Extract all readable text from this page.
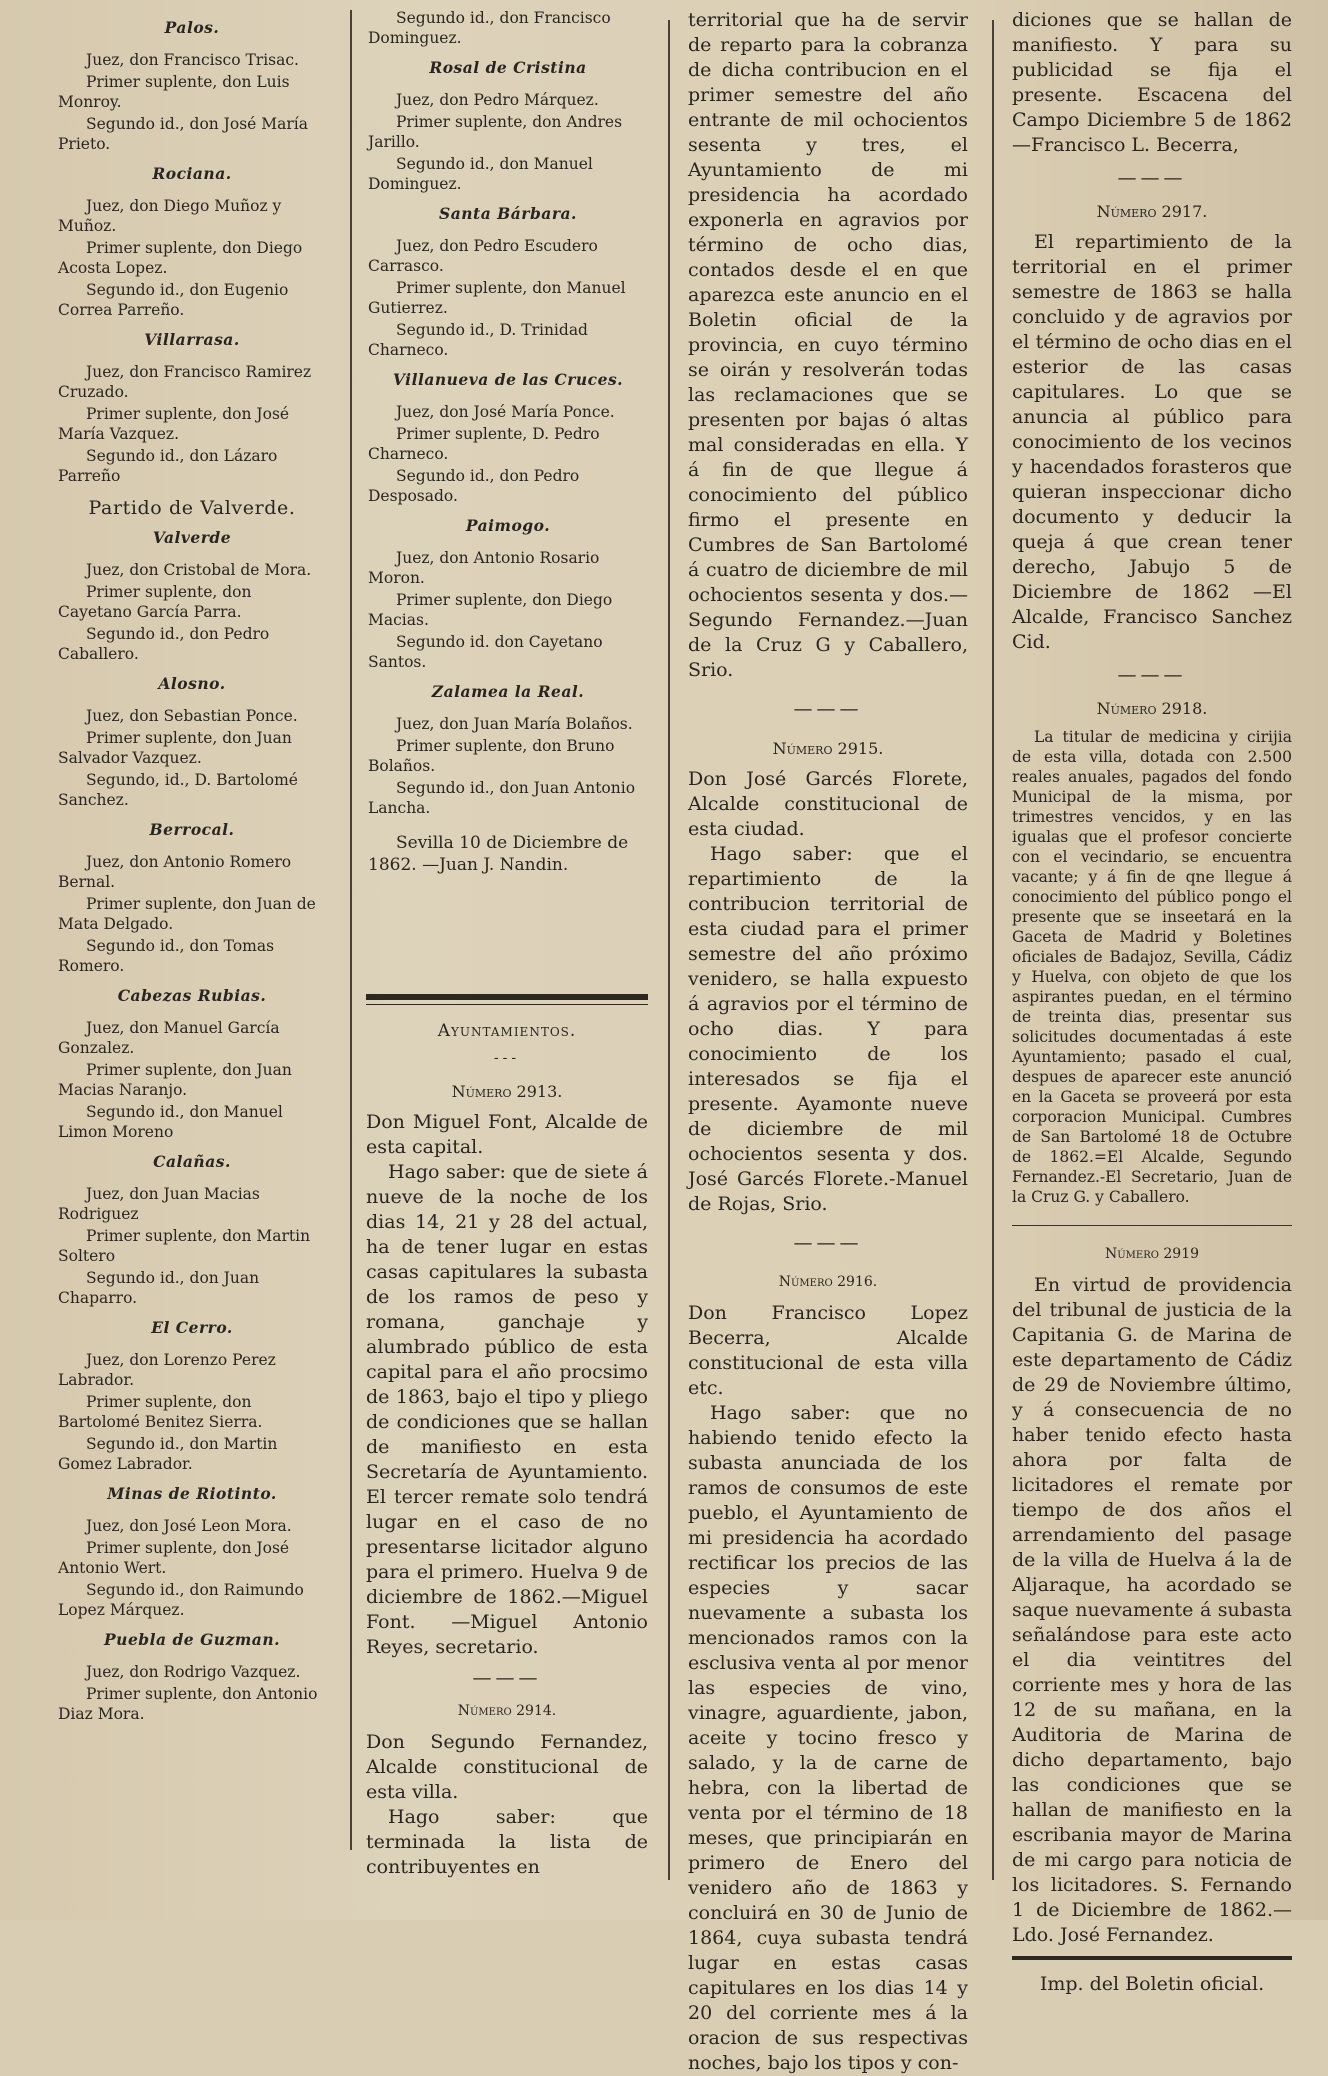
Palos.
Juez, don Francisco Trisac.
Primer suplente, don Luis Monroy.
Segundo id., don José María Prieto.
Rociana.
Juez, don Diego Muñoz y Muñoz.
Primer suplente, don Diego Acosta Lopez.
Segundo id., don Eugenio Correa Parreño.
Villarrasa.
Juez, don Francisco Ramirez Cruzado.
Primer suplente, don José María Vazquez.
Segundo id., don Lázaro Parreño
Partido de Valverde.
Valverde
Juez, don Cristobal de Mora.
Primer suplente, don Cayetano García Parra.
Segundo id., don Pedro Caballero.
Alosno.
Juez, don Sebastian Ponce.
Primer suplente, don Juan Salvador Vazquez.
Segundo, id., D. Bartolomé Sanchez.
Berrocal.
Juez, don Antonio Romero Bernal.
Primer suplente, don Juan de Mata Delgado.
Segundo id., don Tomas Romero.
Cabezas Rubias.
Juez, don Manuel García Gonzalez.
Primer suplente, don Juan Macias Naranjo.
Segundo id., don Manuel Limon Moreno
Calañas.
Juez, don Juan Macias Rodriguez
Primer suplente, don Martin Soltero
Segundo id., don Juan Chaparro.
El Cerro.
Juez, don Lorenzo Perez Labrador.
Primer suplente, don Bartolomé Benitez Sierra.
Segundo id., don Martin Gomez Labrador.
Minas de Riotinto.
Juez, don José Leon Mora.
Primer suplente, don José Antonio Wert.
Segundo id., don Raimundo Lopez Márquez.
Puebla de Guzman.
Juez, don Rodrigo Vazquez.
Primer suplente, don Antonio Diaz Mora.
Segundo id., don Francisco Dominguez.
Rosal de Cristina
Juez, don Pedro Márquez.
Primer suplente, don Andres Jarillo.
Segundo id., don Manuel Dominguez.
Santa Bárbara.
Juez, don Pedro Escudero Carrasco.
Primer suplente, don Manuel Gutierrez.
Segundo id., D. Trinidad Charneco.
Villanueva de las Cruces.
Juez, don José María Ponce.
Primer suplente, D. Pedro Charneco.
Segundo id., don Pedro Desposado.
Paimogo.
Juez, don Antonio Rosario Moron.
Primer suplente, don Diego Macias.
Segundo id. don Cayetano Santos.
Zalamea la Real.
Juez, don Juan María Bolaños.
Primer suplente, don Bruno Bolaños.
Segundo id., don Juan Antonio Lancha.
Sevilla 10 de Diciembre de 1862. —Juan J. Nandin.
Ayuntamientos.
---
Número 2913.

Don Miguel Font, Alcalde de esta capital.

Hago saber: que de siete á nueve de la noche de los dias 14, 21 y 28 del actual, ha de tener lugar en estas casas capitulares la subasta de los ramos de peso y romana, ganchaje y alumbrado público de esta capital para el año procsimo de 1863, bajo el tipo y pliego de condiciones que se hallan de manifiesto en esta Secretaría de Ayuntamiento. El tercer remate solo tendrá lugar en el caso de no presentarse licitador alguno para el primero. Huelva 9 de diciembre de 1862.—Miguel Font. —Miguel Antonio Reyes, secretario.

———
Número 2914.

Don Segundo Fernandez, Alcalde constitucional de esta villa.

Hago saber: que terminada la lista de contribuyentes en

territorial que ha de servir de reparto para la cobranza de dicha contribucion en el primer semestre del año entrante de mil ochocientos sesenta y tres, el Ayuntamiento de mi presidencia ha acordado exponerla en agravios por término de ocho dias, contados desde el en que aparezca este anuncio en el Boletin oficial de la provincia, en cuyo término se oirán y resolverán todas las reclamaciones que se presenten por bajas ó altas mal consideradas en ella. Y á fin de que llegue á conocimiento del público firmo el presente en Cumbres de San Bartolomé á cuatro de diciembre de mil ochocientos sesenta y dos.—Segundo Fernandez.—Juan de la Cruz G y Caballero, Srio.

———
Número 2915.

Don José Garcés Florete, Alcalde constitucional de esta ciudad.

Hago saber: que el repartimiento de la contribucion territorial de esta ciudad para el primer semestre del año próximo venidero, se halla expuesto á agravios por el término de ocho dias. Y para conocimiento de los interesados se fija el presente. Ayamonte nueve de diciembre de mil ochocientos sesenta y dos. José Garcés Florete.-Manuel de Rojas, Srio.

———
Número 2916.

Don Francisco Lopez Becerra, Alcalde constitucional de esta villa etc.

Hago saber: que no habiendo tenido efecto la subasta anunciada de los ramos de consumos de este pueblo, el Ayuntamiento de mi presidencia ha acordado rectificar los precios de las especies y sacar nuevamente a subasta los mencionados ramos con la esclusiva venta al por menor las especies de vino, vinagre, aguardiente, jabon, aceite y tocino fresco y salado, y la de carne de hebra, con la libertad de venta por el término de 18 meses, que principiarán en primero de Enero del venidero año de 1863 y concluirá en 30 de Junio de 1864, cuya subasta tendrá lugar en estas casas capitulares en los dias 14 y 20 del corriente mes á la oracion de sus respectivas noches, bajo los tipos y con-

diciones que se hallan de manifiesto. Y para su publicidad se fija el presente. Escacena del Campo Diciembre 5 de 1862—Francisco L. Becerra,

———
Número 2917.

El repartimiento de la territorial en el primer semestre de 1863 se halla concluido y de agravios por el término de ocho dias en el esterior de las casas capitulares. Lo que se anuncia al público para conocimiento de los vecinos y hacendados forasteros que quieran inspeccionar dicho documento y deducir la queja á que crean tener derecho, Jabujo 5 de Diciembre de 1862 —El Alcalde, Francisco Sanchez Cid.

———
Número 2918.

La titular de medicina y cirijia de esta villa, dotada con 2.500 reales anuales, pagados del fondo Municipal de la misma, por trimestres vencidos, y en las igualas que el profesor concierte con el vecindario, se encuentra vacante; y á fin de qne llegue á conocimiento del público pongo el presente que se inseetará en la Gaceta de Madrid y Boletines oficiales de Badajoz, Sevilla, Cádiz y Huelva, con objeto de que los aspirantes puedan, en el término de treinta dias, presentar sus solicitudes documentadas á este Ayuntamiento; pasado el cual, despues de aparecer este anunció en la Gaceta se proveerá por esta corporacion Municipal. Cumbres de San Bartolomé 18 de Octubre de 1862.=El Alcalde, Segundo Fernandez.-El Secretario, Juan de la Cruz G. y Caballero.

Número 2919

En virtud de providencia del tribunal de justicia de la Capitania G. de Marina de este departamento de Cádiz de 29 de Noviembre último, y á consecuencia de no haber tenido efecto hasta ahora por falta de licitadores el remate por tiempo de dos años el arrendamiento del pasage de la villa de Huelva á la de Aljaraque, ha acordado se saque nuevamente á subasta señalándose para este acto el dia veintitres del corriente mes y hora de las 12 de su mañana, en la Auditoria de Marina de dicho departamento, bajo las condiciones que se hallan de manifiesto en la escribania mayor de Marina de mi cargo para noticia de los licitadores. S. Fernando 1 de Diciembre de 1862.—Ldo. José Fernandez.

Imp. del Boletin oficial.
